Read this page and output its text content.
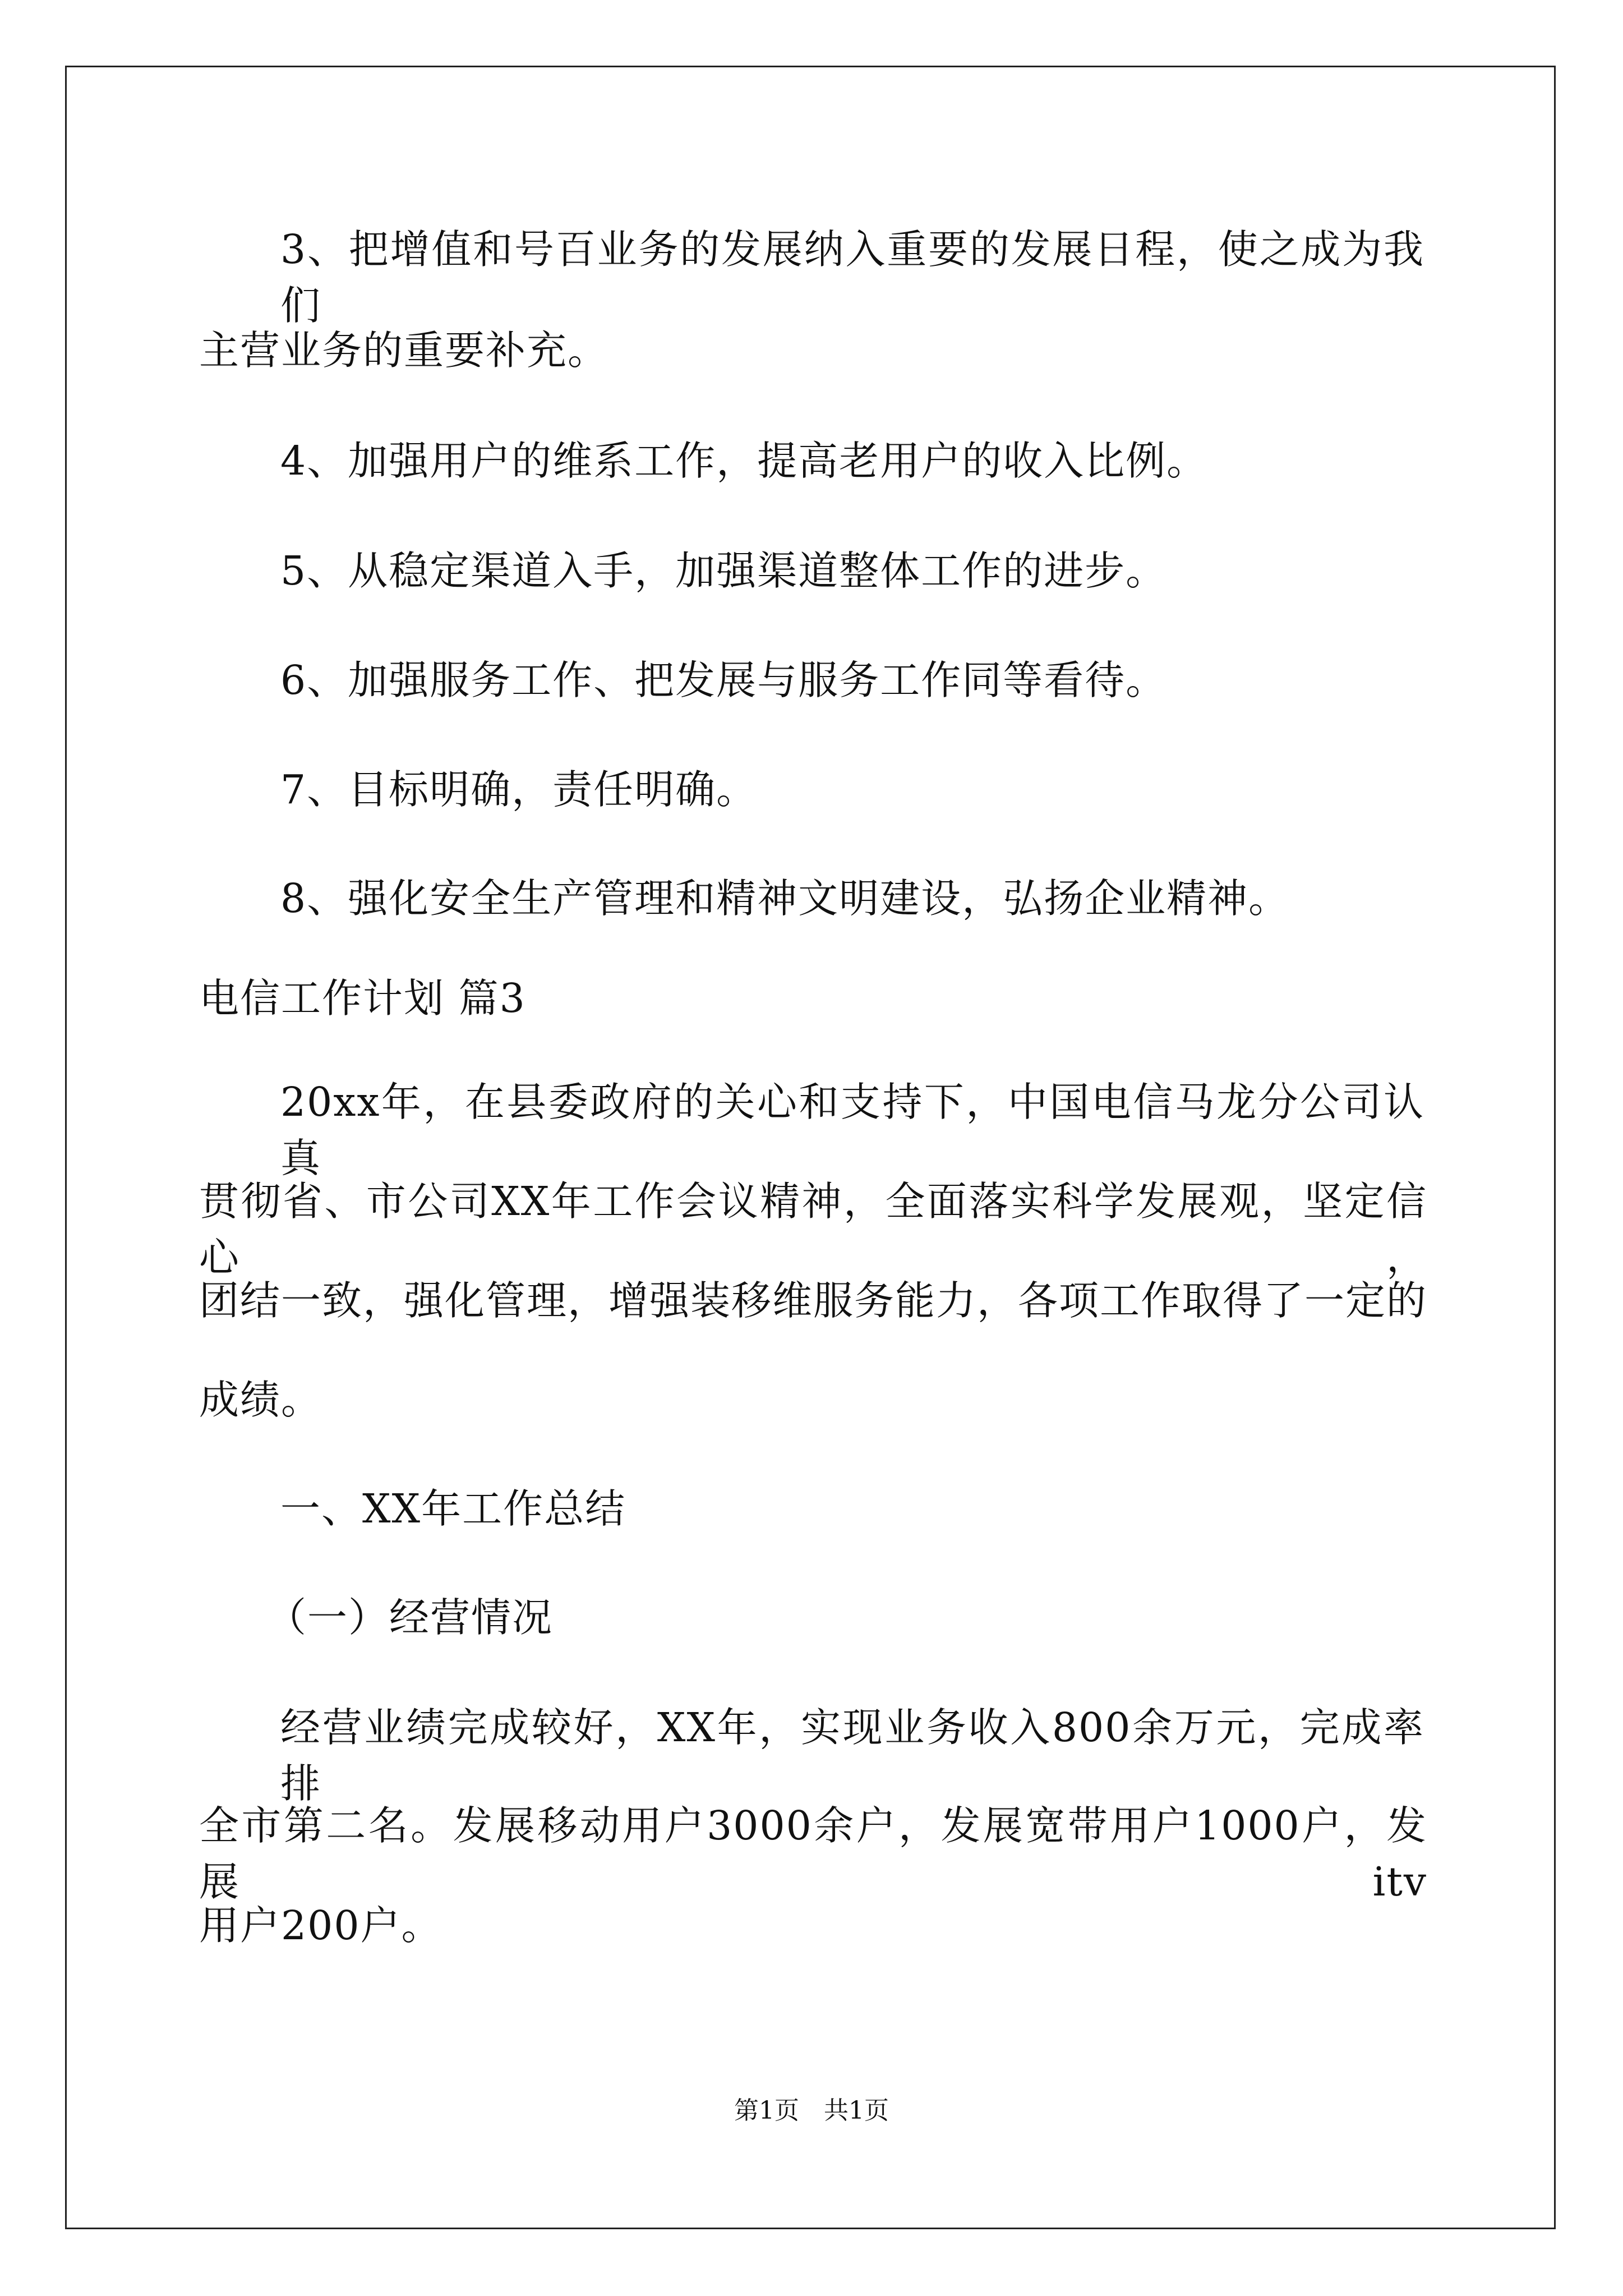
3、把增值和号百业务的发展纳入重要的发展日程，使之成为我们
主营业务的重要补充。
4、加强用户的维系工作，提高老用户的收入比例。
5、从稳定渠道入手，加强渠道整体工作的进步。
6、加强服务工作、把发展与服务工作同等看待。
7、目标明确，责任明确。
8、强化安全生产管理和精神文明建设，弘扬企业精神。
电信工作计划 篇3
20xx年，在县委政府的关心和支持下，中国电信马龙分公司认真
贯彻省、市公司XX年工作会议精神，全面落实科学发展观，坚定信心，
团结一致，强化管理，增强装移维服务能力，各项工作取得了一定的
成绩。
一、XX年工作总结
（一）经营情况
经营业绩完成较好，XX年，实现业务收入800余万元，完成率排
全市第二名。发展移动用户3000余户，发展宽带用户1000户，发展 itv
用户200户。
第1页　共1页
